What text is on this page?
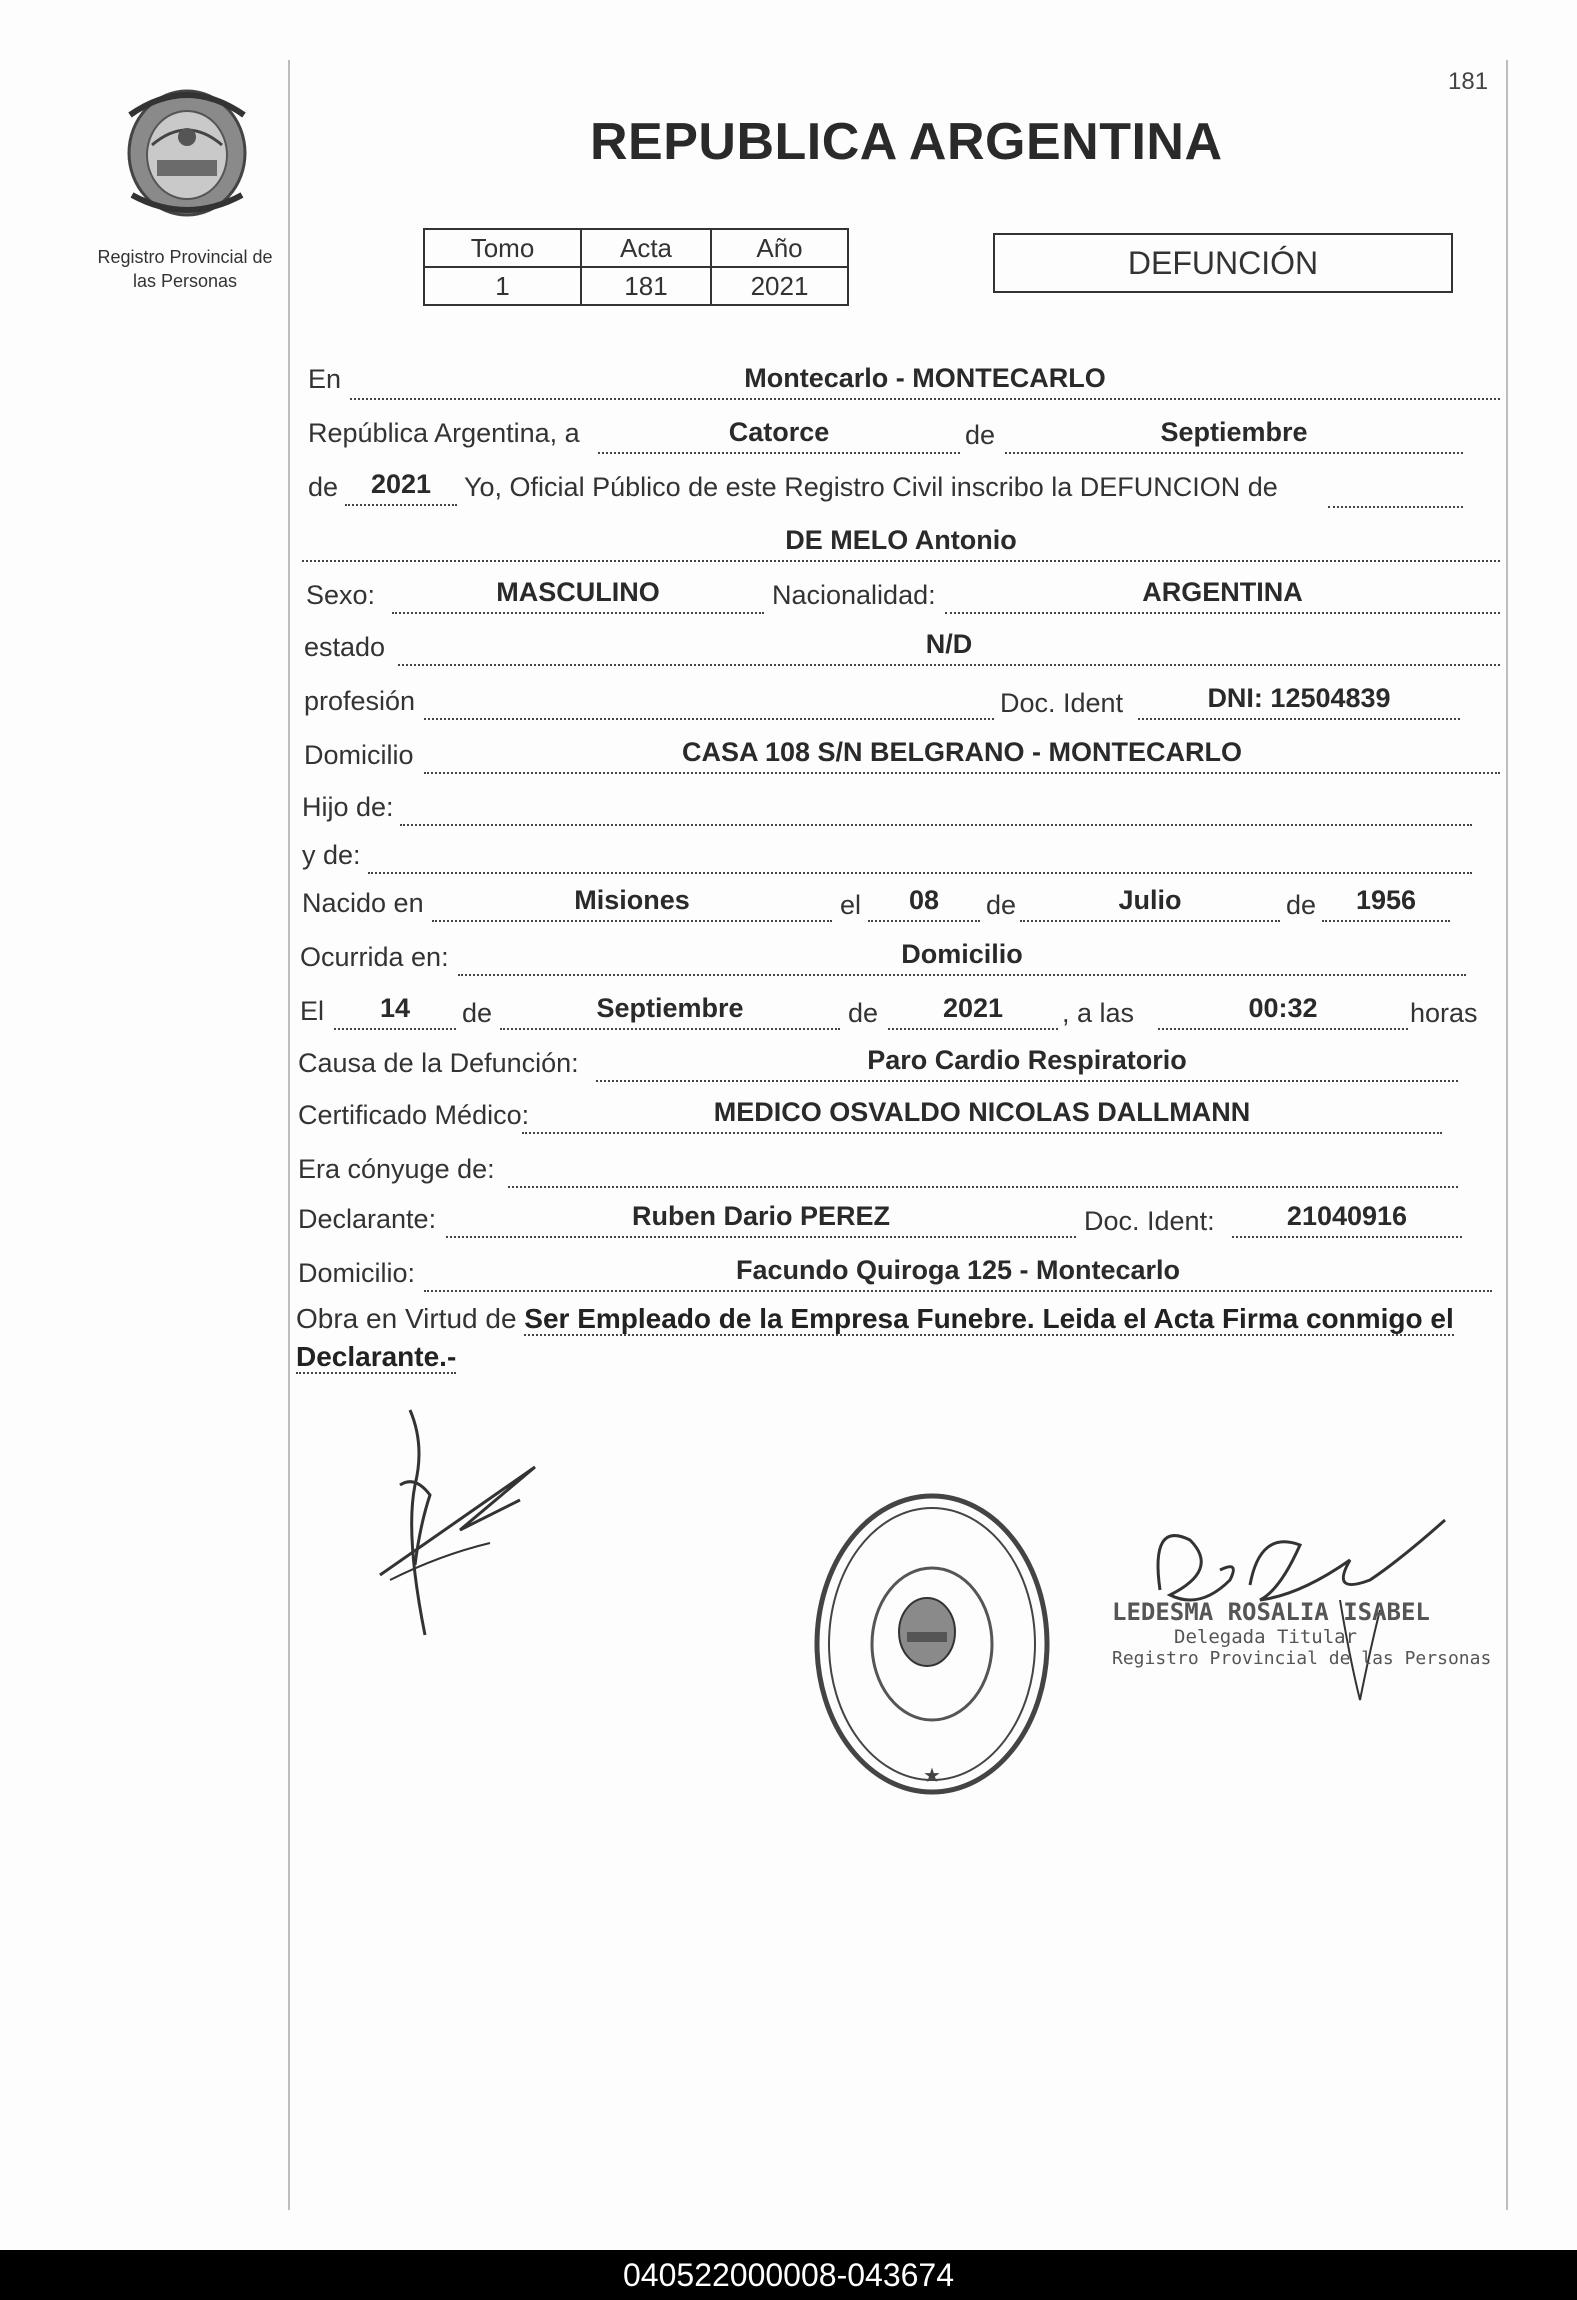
181
Registro Provincial de
las Personas
REPUBLICA ARGENTINA
Tomo	Acta	Año
1	181	2021
DEFUNCIÓN
En	Montecarlo - MONTECARLO
República Argentina, a	Catorce	de	Septiembre
de	2021	Yo, Oficial Público de este Registro Civil inscribo la DEFUNCION de
DE MELO Antonio
Sexo:	MASCULINO	Nacionalidad:	ARGENTINA
estado	N/D
profesión	Doc. Ident	DNI: 12504839
Domicilio	CASA 108 S/N BELGRANO - MONTECARLO
Hijo de:
y de:
Nacido en	Misiones	el	08	de	Julio	de	1956
Ocurrida en:	Domicilio
El	14	de	Septiembre	de	2021	, a las	00:32	horas
Causa de la Defunción:	Paro Cardio Respiratorio
Certificado Médico:	MEDICO OSVALDO NICOLAS DALLMANN
Era cónyuge de:
Declarante:	Ruben Dario PEREZ	Doc. Ident:	21040916
Domicilio:	Facundo Quiroga 125 - Montecarlo
Obra en Virtud de Ser Empleado de la Empresa Funebre. Leida el Acta Firma conmigo el Declarante.-
★
LEDESMA ROSALIA ISABEL
Delegada Titular
Registro Provincial de las Personas
040522000008-043674
